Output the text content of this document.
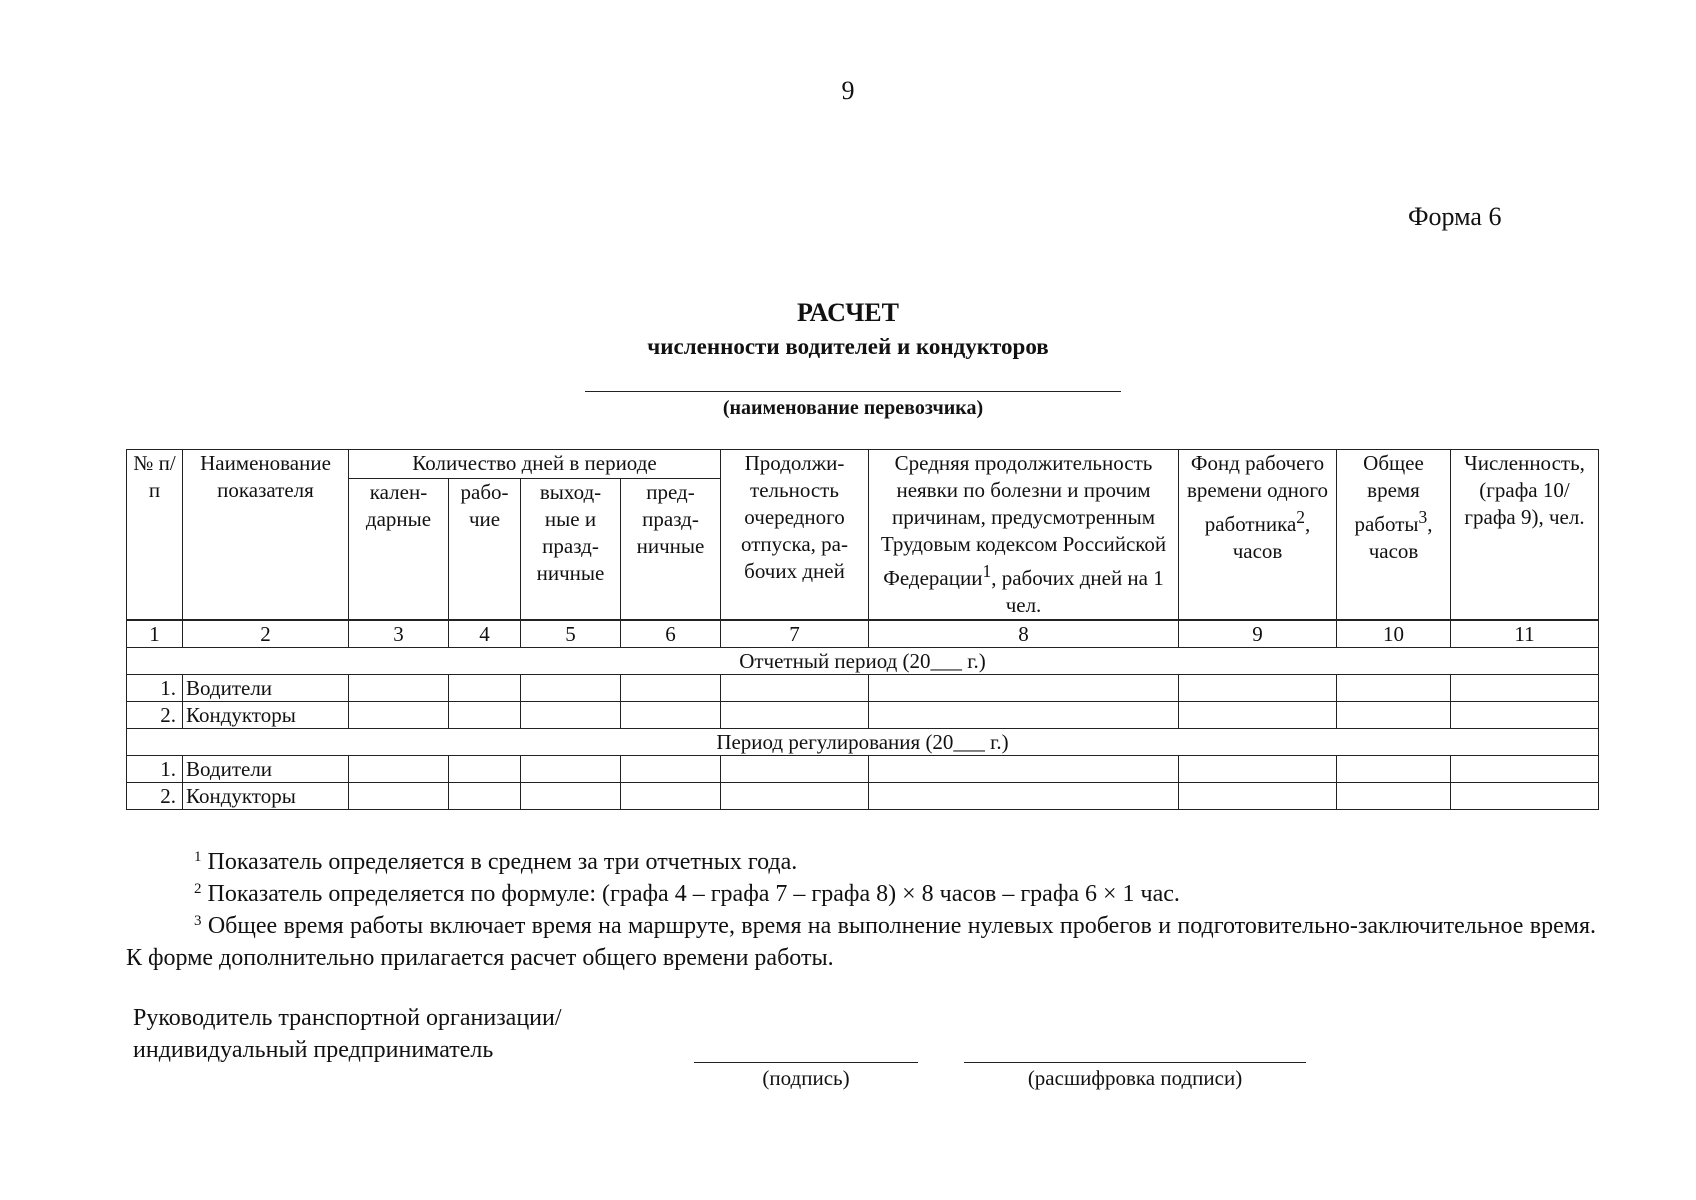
9
Форма 6
РАСЧЕТ
численности водителей и кондукторов
(наименование перевозчика)
№ п/п	Наименование показателя	Количество дней в периоде				Продолжи- тельность очередного отпуска, ра- бочих дней	Средняя продолжительность неявки по болезни и прочим причинам, предусмотренным Трудовым кодексом Российской Федерации$^1$, рабочих дней на 1 чел.	Фонд рабочего времени одного работника$^2$, часов	Общее время работы$^3$, часов	Численность, (графа 10/ графа 9), чел.
		кален- дарные	рабо- чие	выход- ные и празд- ничные	пред- празд- ничные					
1	2	3	4	5	6	7	8	9	10	11
Отчетный период (20___ г.)										
1.	Водители									
2.	Кондукторы									
Период регулирования (20___ г.)										
1.	Водители									
2.	Кондукторы									
$^1$ Показатель определяется в среднем за три отчетных года.
$^2$ Показатель определяется по формуле: (графа 4 – графа 7 – графа 8) × 8 часов – графа 6 × 1 час.
$^3$ Общее время работы включает время на маршруте, время на выполнение нулевых пробегов и подготовительно-заключительное время. К форме дополнительно прилагается расчет общего времени работы.
Руководитель транспортной организации/
индивидуальный предприниматель
(подпись)	(расшифровка подписи)
